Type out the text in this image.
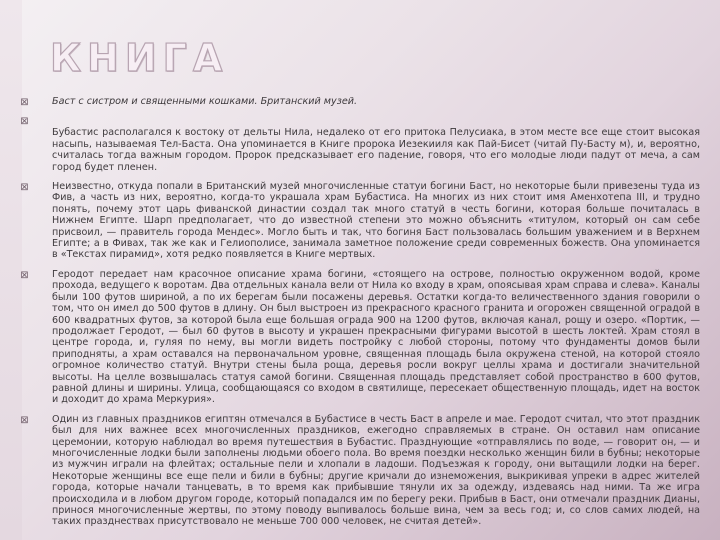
КНИГА
⊠ Баст с систром и священными кошками. Британский музей.

⊠

Бубастис располагался к востоку от дельты Нила, недалеко от его притока Пелусиака, в этом месте все еще стоит высокая насыпь, называемая Тел-Баста. Она упоминается в Книге пророка Иезекииля как Пай-Бисет (читай Пу-Басту м), и, вероятно, считалась тогда важным городом. Пророк предсказывает его падение, говоря, что его молодые люди падут от меча, а сам город будет пленен.

⊠ Неизвестно, откуда попали в Британский музей многочисленные статуи богини Баст, но некоторые были привезены туда из Фив, а часть из них, вероятно, когда-то украшала храм Бубастиса. На многих из них стоит имя Аменхотепа III, и трудно понять, почему этот царь фиванской династии создал так много статуй в честь богини, которая больше почиталась в Нижнем Египте. Шарп предполагает, что до известной степени это можно объяснить «титулом, который он сам себе присвоил, — правитель города Мендес». Могло быть и так, что богиня Баст пользовалась большим уважением и в Верхнем Египте; а в Фивах, так же как и Гелиополисе, занимала заметное положение среди современных божеств. Она упоминается в «Текстах пирамид», хотя редко появляется в Книге мертвых.

⊠ Геродот передает нам красочное описание храма богини, «стоящего на острове, полностью окруженном водой, кроме прохода, ведущего к воротам. Два отдельных канала вели от Нила ко входу в храм, опоясывая храм справа и слева». Каналы были 100 футов шириной, а по их берегам были посажены деревья. Остатки когда-то величественного здания говорили о том, что он имел до 500 футов в длину. Он был выстроен из прекрасного красного гранита и огорожен священной оградой в 600 квадратных футов, за которой была еще большая ограда 900 на 1200 футов, включая канал, рощу и озеро. «Портик, — продолжает Геродот, — был 60 футов в высоту и украшен прекрасными фигурами высотой в шесть локтей. Храм стоял в центре города, и, гуляя по нему, вы могли видеть постройку с любой стороны, потому что фундаменты домов были приподняты, а храм оставался на первоначальном уровне, священная площадь была окружена стеной, на которой стояло огромное количество статуй. Внутри стены была роща, деревья росли вокруг целлы храма и достигали значительной высоты. На целле возвышалась статуя самой богини. Священная площадь представляет собой пространство в 600 футов, равной длины и ширины. Улица, сообщающаяся со входом в святилище, пересекает общественную площадь, идет на восток и доходит до храма Меркурия».

⊠ Один из главных праздников египтян отмечался в Бубастисе в честь Баст в апреле и мае. Геродот считал, что этот праздник был для них важнее всех многочисленных праздников, ежегодно справляемых в стране. Он оставил нам описание церемонии, которую наблюдал во время путешествия в Бубастис. Празднующие «отправлялись по воде, — говорит он, — и многочисленные лодки были заполнены людьми обоего пола. Во время поездки несколько женщин били в бубны; некоторые из мужчин играли на флейтах; остальные пели и хлопали в ладоши. Подъезжая к городу, они вытащили лодки на берег. Некоторые женщины все еще пели и били в бубны; другие кричали до изнеможения, выкрикивая упреки в адрес жителей города, которые начали танцевать, в то время как прибывшие тянули их за одежду, издеваясь над ними. Та же игра происходила и в любом другом городе, который попадался им по берегу реки. Прибыв в Баст, они отмечали праздник Дианы, принося многочисленные жертвы, по этому поводу выпивалось больше вина, чем за весь год; и, со слов самих людей, на таких празднествах присутствовало не меньше 700 000 человек, не считая детей».
